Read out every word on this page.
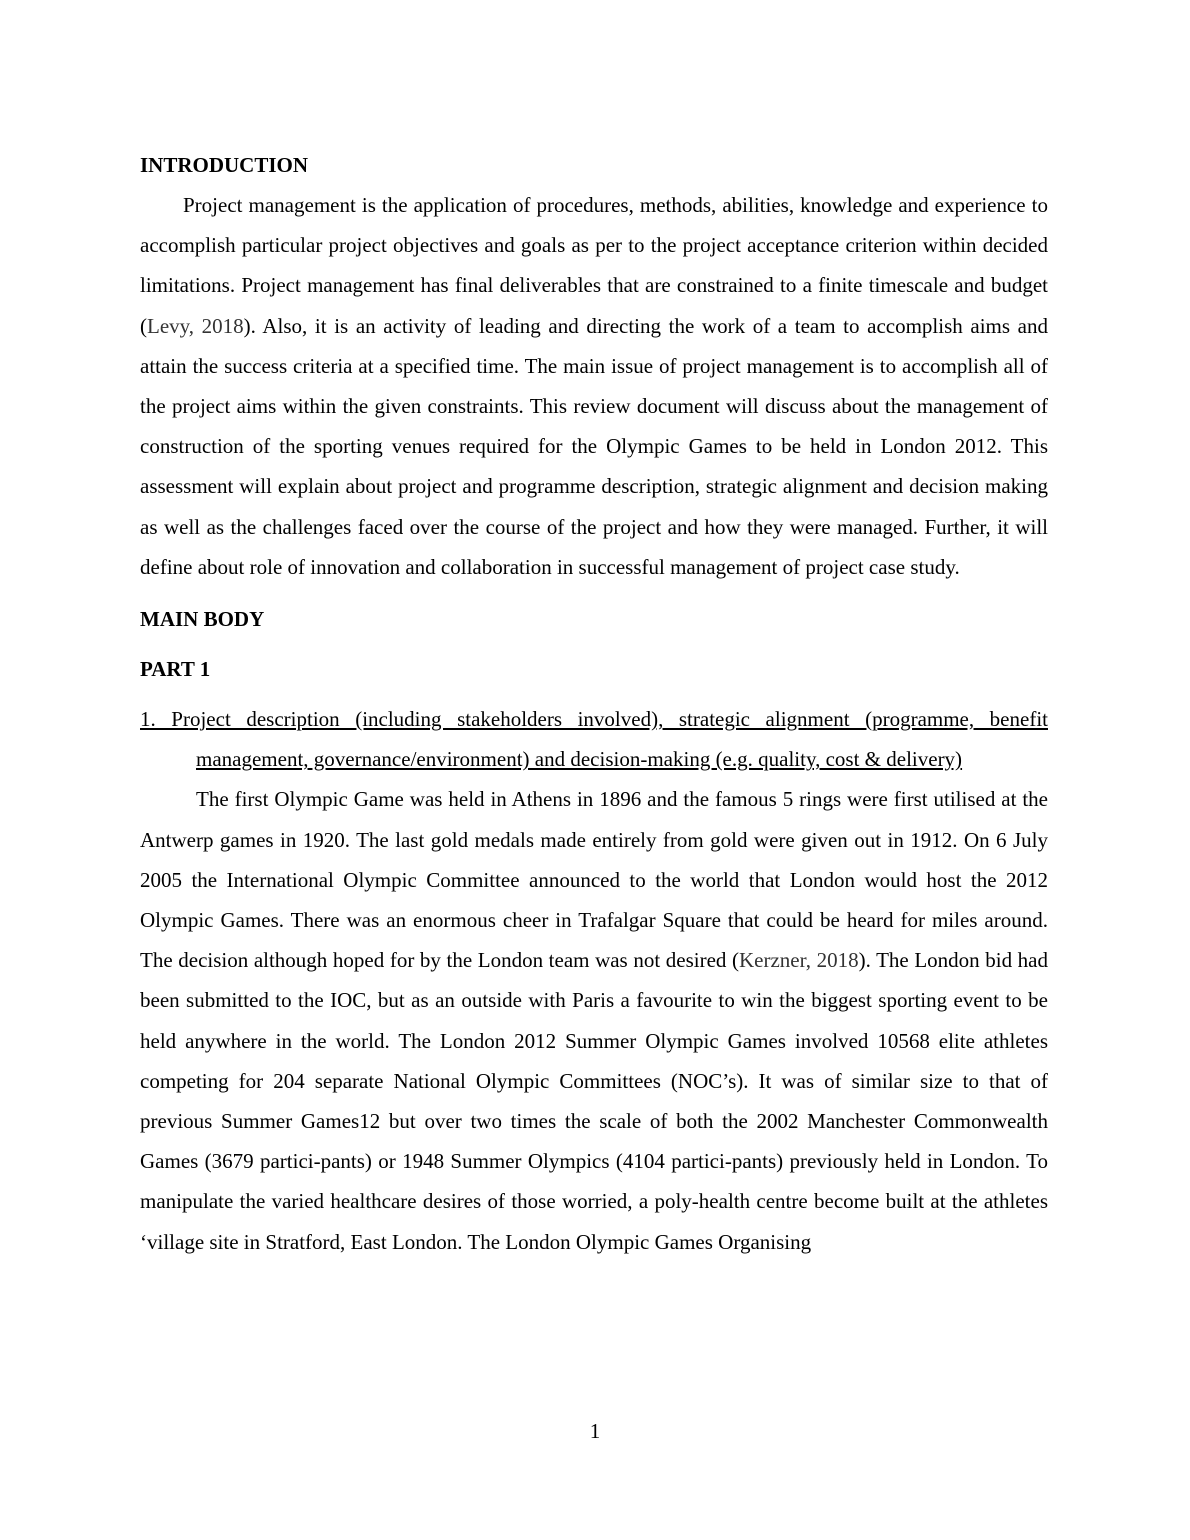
INTRODUCTION

Project management is the application of procedures, methods, abilities, knowledge and experience to accomplish particular project objectives and goals as per to the project acceptance criterion within decided limitations. Project management has final deliverables that are constrained to a finite timescale and budget (Levy, 2018). Also, it is an activity of leading and directing the work of a team to accomplish aims and attain the success criteria at a specified time. The main issue of project management is to accomplish all of the project aims within the given constraints. This review document will discuss about the management of construction of the sporting venues required for the Olympic Games to be held in London 2012. This assessment will explain about project and programme description, strategic alignment and decision making as well as the challenges faced over the course of the project and how they were managed. Further, it will define about role of innovation and collaboration in successful management of project case study.

MAIN BODY

PART 1

1. Project description (including stakeholders involved), strategic alignment (programme, benefit management, governance/environment) and decision-making (e.g. quality, cost & delivery)

The first Olympic Game was held in Athens in 1896 and the famous 5 rings were first utilised at the Antwerp games in 1920. The last gold medals made entirely from gold were given out in 1912. On 6 July 2005 the International Olympic Committee announced to the world that London would host the 2012 Olympic Games. There was an enormous cheer in Trafalgar Square that could be heard for miles around. The decision although hoped for by the London team was not desired (Kerzner, 2018). The London bid had been submitted to the IOC, but as an outside with Paris a favourite to win the biggest sporting event to be held anywhere in the world. The London 2012 Summer Olympic Games involved 10568 elite athletes competing for 204 separate National Olympic Committees (NOC’s). It was of similar size to that of previous Summer Games12 but over two times the scale of both the 2002 Manchester Commonwealth Games (3679 partici-pants) or 1948 Summer Olympics (4104 partici-pants) previously held in London. To manipulate the varied healthcare desires of those worried, a poly-health centre become built at the athletes ‘village site in Stratford, East London. The London Olympic Games Organising

1
